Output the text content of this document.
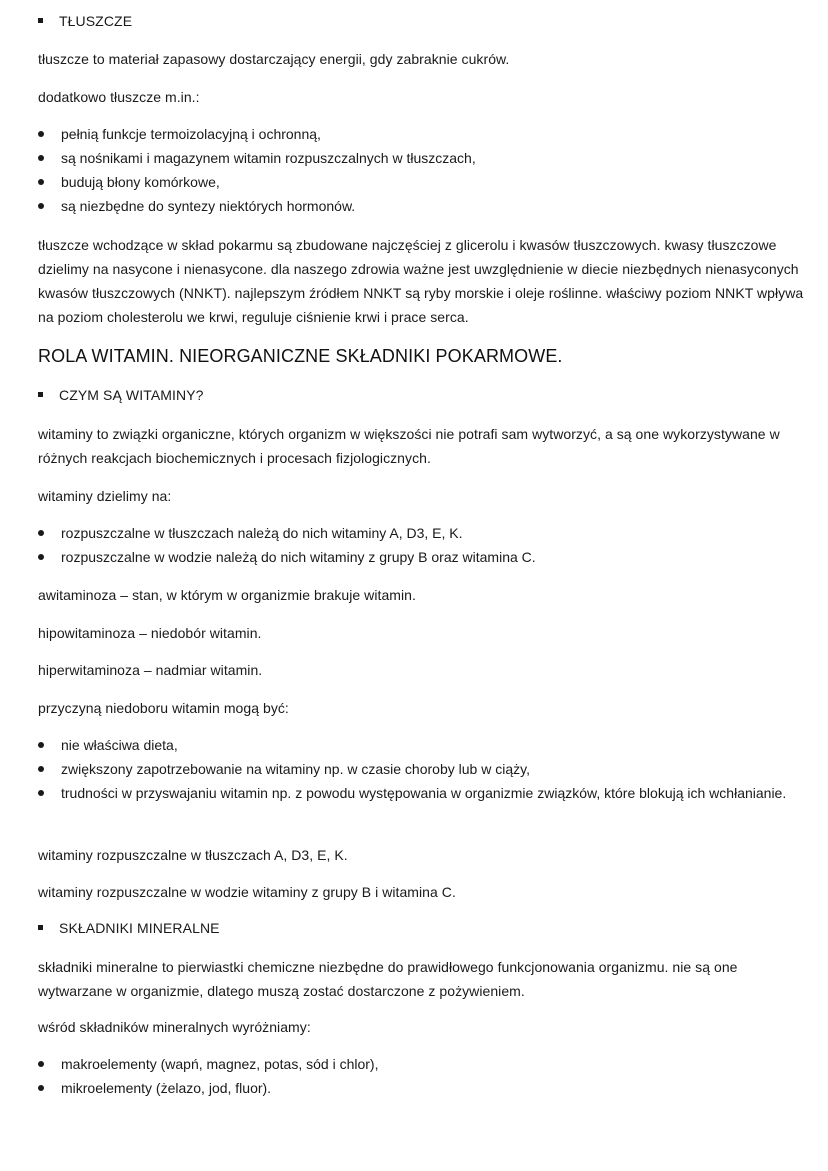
TŁUSZCZE
tłuszcze to materiał zapasowy dostarczający energii, gdy zabraknie cukrów.
dodatkowo tłuszcze m.in.:
pełnią funkcje termoizolacyjną i ochronną,
są nośnikami i magazynem witamin rozpuszczalnych w tłuszczach,
budują błony komórkowe,
są niezbędne do syntezy niektórych hormonów.
tłuszcze wchodzące w skład pokarmu są zbudowane najczęściej z glicerolu i kwasów tłuszczowych. kwasy tłuszczowe dzielimy na nasycone i nienasycone. dla naszego zdrowia ważne jest uwzględnienie w diecie niezbędnych nienasyconych kwasów tłuszczowych (NNKT). najlepszym źródłem NNKT są ryby morskie i oleje roślinne. właściwy poziom NNKT wpływa na poziom cholesterolu we krwi, reguluje ciśnienie krwi i prace serca.
ROLA WITAMIN. NIEORGANICZNE SKŁADNIKI POKARMOWE.
CZYM SĄ WITAMINY?
witaminy to związki organiczne, których organizm w większości nie potrafi sam wytworzyć, a są one wykorzystywane w różnych reakcjach biochemicznych i procesach fizjologicznych.
witaminy dzielimy na:
rozpuszczalne w tłuszczach należą do nich witaminy A, D3, E, K.
rozpuszczalne w wodzie należą do nich witaminy z grupy B oraz witamina C.
awitaminoza – stan, w którym w organizmie brakuje witamin.
hipowitaminoza – niedobór witamin.
hiperwitaminoza – nadmiar witamin.
przyczyną niedoboru witamin mogą być:
nie właściwa dieta,
zwiększony zapotrzebowanie na witaminy np. w czasie choroby lub w ciąży,
trudności w przyswajaniu witamin np. z powodu występowania w organizmie związków, które blokują ich wchłanianie.
witaminy rozpuszczalne w tłuszczach A, D3, E, K.
witaminy rozpuszczalne w wodzie witaminy z grupy B i witamina C.
SKŁADNIKI MINERALNE
składniki mineralne to pierwiastki chemiczne niezbędne do prawidłowego funkcjonowania organizmu. nie są one wytwarzane w organizmie, dlatego muszą zostać dostarczone z pożywieniem.
wśród składników mineralnych wyróżniamy:
makroelementy (wapń, magnez, potas, sód i chlor),
mikroelementy (żelazo, jod, fluor).
